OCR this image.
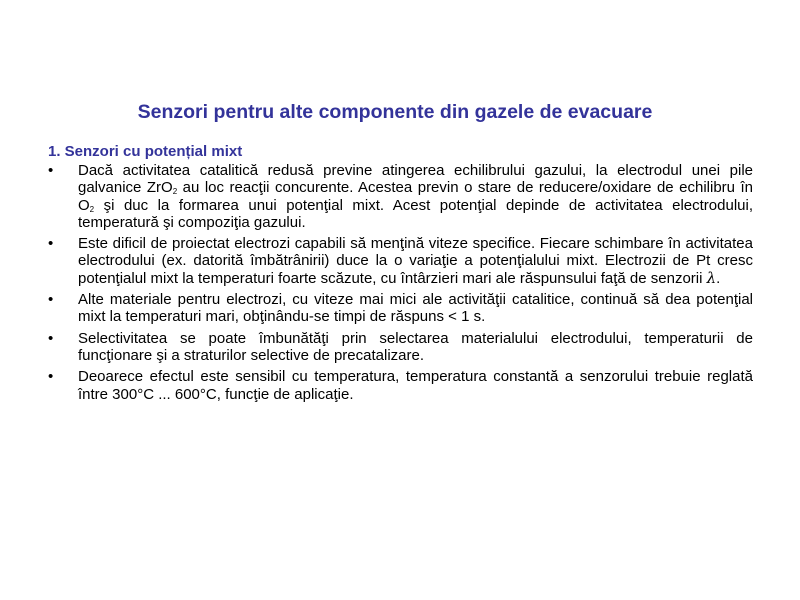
Senzori pentru alte componente din gazele de evacuare
1. Senzori cu potențial mixt
• Dacă activitatea catalitică redusă previne atingerea echilibrului gazului, la electrodul unei pile galvanice ZrO$_2$ au loc reacţii concurente. Acestea previn o stare de reducere/oxidare de echilibru în $O_2$ şi duc la formarea unui potenţial mixt. Acest potenţial depinde de activitatea electrodului, temperatură şi compoziţia gazului.
• Este dificil de proiectat electrozi capabili să menţină viteze specifice. Fiecare schimbare în activitatea electrodului (ex. datorită îmbătrânirii) duce la o variaţie a potenţialului mixt. Electrozii de Pt cresc potenţialul mixt la temperaturi foarte scăzute, cu întârzieri mari ale răspunsului faţă de senzorii λ.
• Alte materiale pentru electrozi, cu viteze mai mici ale activităţii catalitice, continuă să dea potenţial mixt la temperaturi mari, obţinându-se timpi de răspuns < 1 s.
• Selectivitatea se poate îmbunătăţi prin selectarea materialului electrodului, temperaturii de funcţionare şi a straturilor selective de precatalizare.
• Deoarece efectul este sensibil cu temperatura, temperatura constantă a senzorului trebuie reglată între 300°C ... 600°C, funcţie de aplicaţie.
